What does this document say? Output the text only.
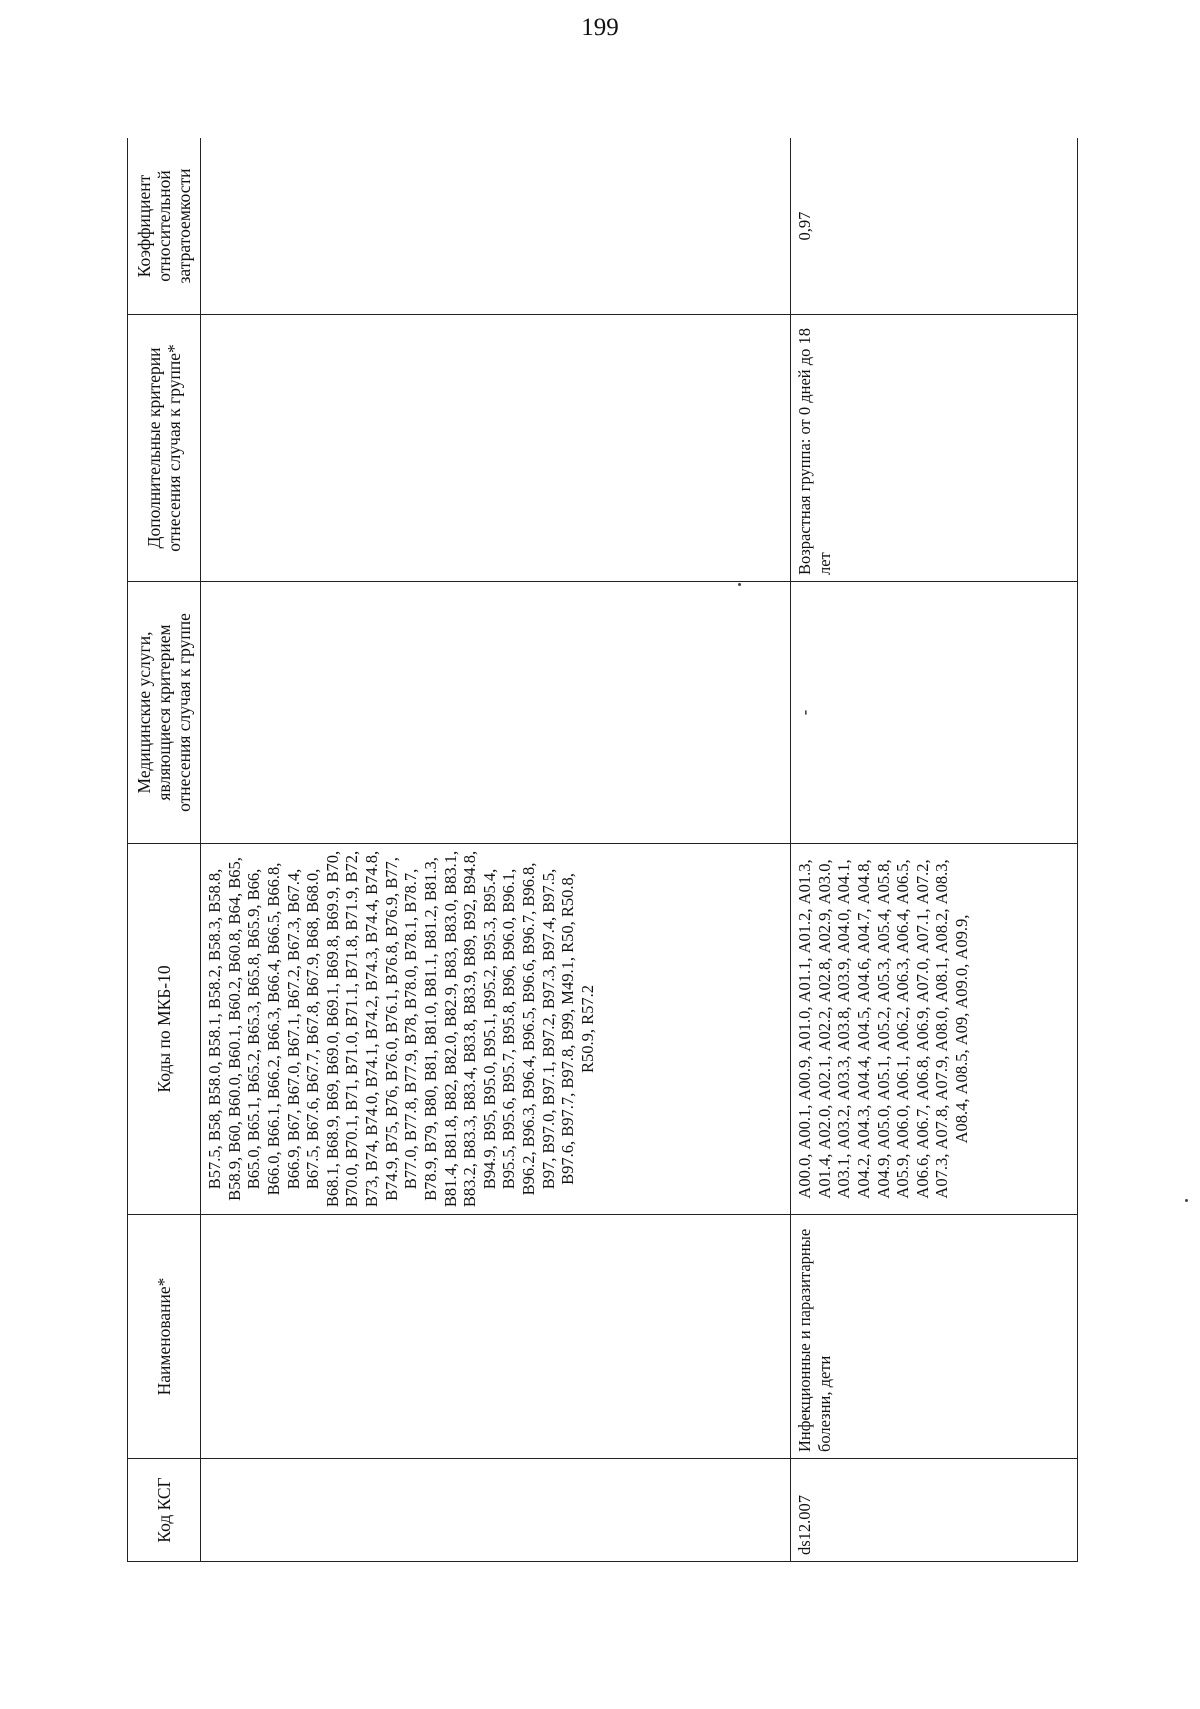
199
Код КСГ	Наименование*	Коды по МКБ-10	Медицинские услуги, являющиеся критерием отнесения случая к группе	Дополнительные критерии отнесения случая к группе*	Коэффициент относительной затратоемкости
		В57.5, В58, В58.0, В58.1, В58.2, В58.3, В58.8, В58.9, В60, В60.0, В60.1, В60.2, В60.8, В64, В65, В65.0, В65.1, В65.2, В65.3, В65.8, В65.9, В66, В66.0, В66.1, В66.2, В66.3, В66.4, В66.5, В66.8, В66.9, В67, В67.0, В67.1, В67.2, В67.3, В67.4, В67.5, В67.6, В67.7, В67.8, В67.9, В68, В68.0, В68.1, В68.9, В69, В69.0, В69.1, В69.8, В69.9, В70, В70.0, В70.1, В71, В71.0, В71.1, В71.8, В71.9, В72, В73, В74, В74.0, В74.1, В74.2, В74.3, В74.4, В74.8, В74.9, В75, В76, В76.0, В76.1, В76.8, В76.9, В77, В77.0, В77.8, В77.9, В78, В78.0, В78.1, В78.7, В78.9, В79, В80, В81, В81.0, В81.1, В81.2, В81.3, В81.4, В81.8, В82, В82.0, В82.9, В83, В83.0, В83.1, В83.2, В83.3, В83.4, В83.8, В83.9, В89, В92, В94.8, В94.9, В95, В95.0, В95.1, В95.2, В95.3, В95.4, В95.5, В95.6, В95.7, В95.8, В96, В96.0, В96.1, В96.2, В96.3, В96.4, В96.5, В96.6, В96.7, В96.8, В97, В97.0, В97.1, В97.2, В97.3, В97.4, В97.5, В97.6, В97.7, В97.8, В99, М49.1, R50, R50.8, R50.9, R57.2			
ds12.007	Инфекционные и паразитарные болезни, дети	А00.0, А00.1, А00.9, А01.0, А01.1, А01.2, А01.3, А01.4, А02.0, А02.1, А02.2, А02.8, А02.9, А03.0, А03.1, А03.2, А03.3, А03.8, А03.9, А04.0, А04.1, А04.2, А04.3, А04.4, А04.5, А04.6, А04.7, А04.8, А04.9, А05.0, А05.1, А05.2, А05.3, А05.4, А05.8, А05.9, А06.0, А06.1, А06.2, А06.3, А06.4, А06.5, А06.6, А06.7, А06.8, А06.9, А07.0, А07.1, А07.2, А07.3, А07.8, А07.9, А08.0, А08.1, А08.2, А08.3, А08.4, А08.5, А09, А09.0, А09.9,	-	Возрастная группа: от 0 дней до 18 лет	0,97
